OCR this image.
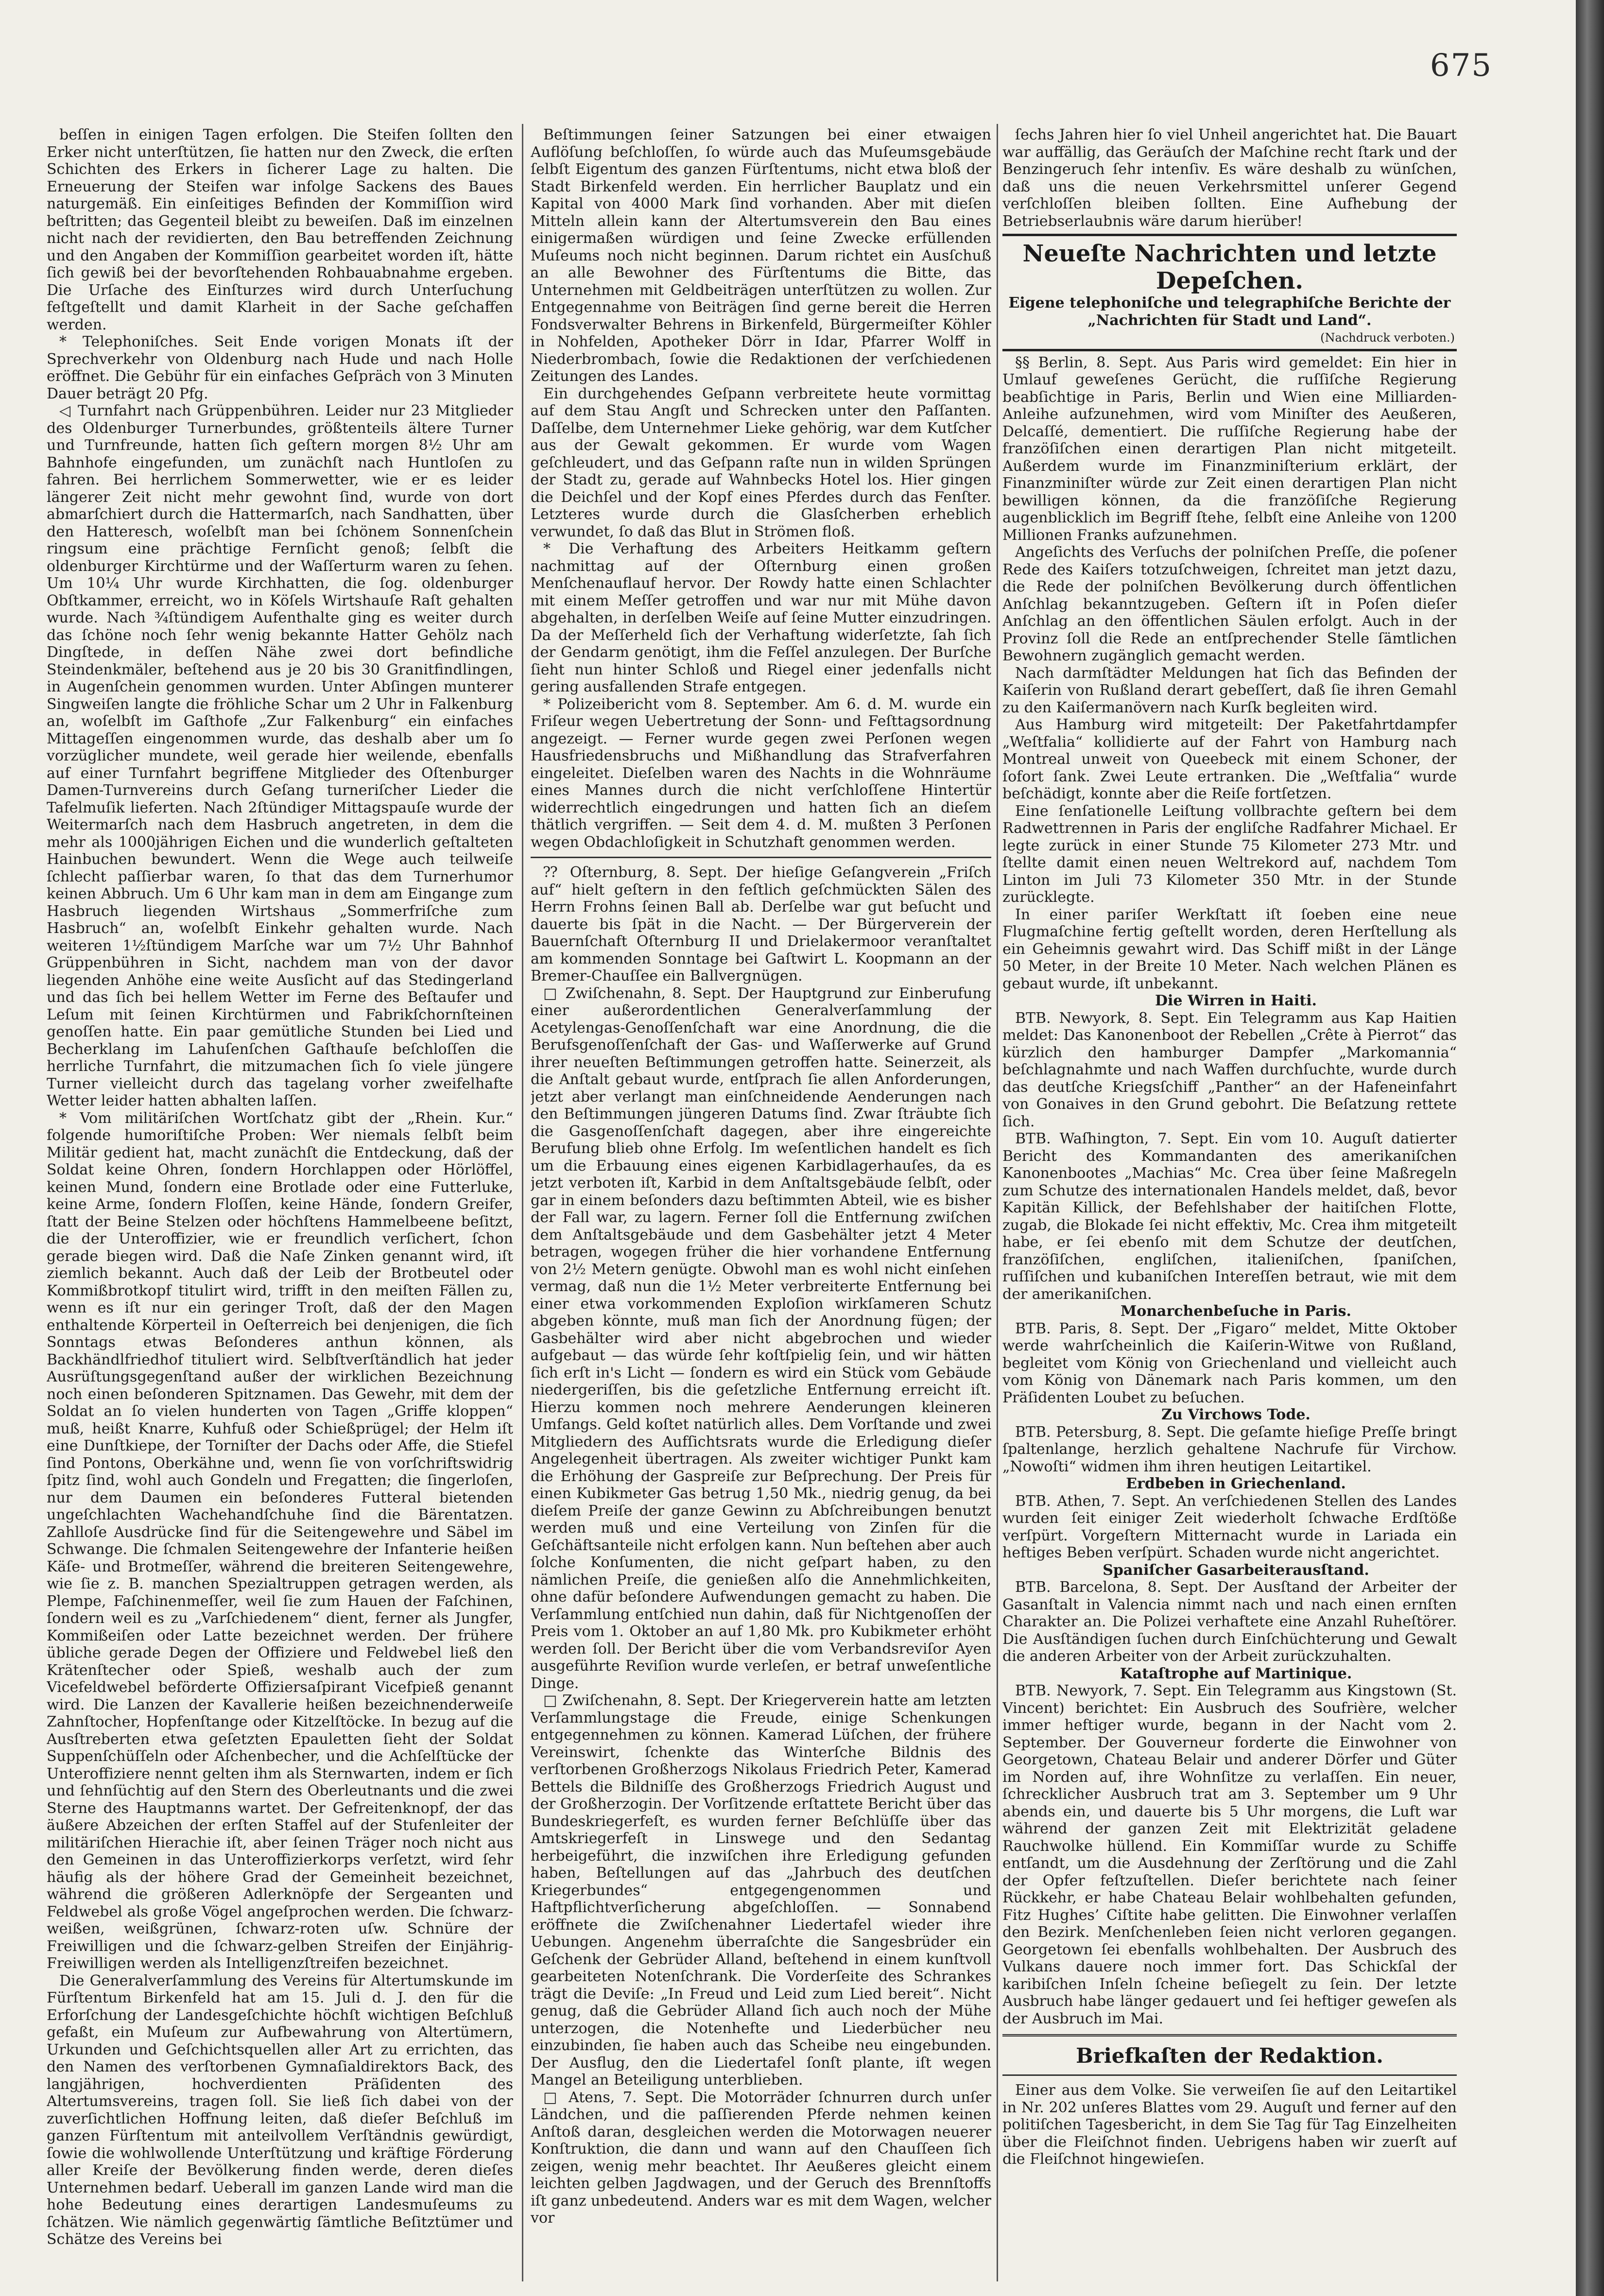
675

beſſen in einigen Tagen erfolgen. Die Steifen ſollten den Erker nicht unterſtützen, ſie hatten nur den Zweck, die erſten Schichten des Erkers in ſicherer Lage zu halten. Die Erneuerung der Steifen war infolge Sackens des Baues naturgemäß. Ein einſeitiges Befinden der Kommiſſion wird beſtritten; das Gegenteil bleibt zu beweiſen. Daß im einzelnen nicht nach der revidierten, den Bau betreffenden Zeichnung und den Angaben der Kommiſſion gearbeitet worden iſt, hätte ſich gewiß bei der bevorſtehenden Rohbauabnahme ergeben. Die Urſache des Einſturzes wird durch Unterſuchung feſtgeſtellt und damit Klarheit in der Sache geſchaffen werden.

* Telephoniſches. Seit Ende vorigen Monats iſt der Sprechverkehr von Oldenburg nach Hude und nach Holle eröffnet. Die Gebühr für ein einfaches Geſpräch von 3 Minuten Dauer beträgt 20 Pfg.

◁ Turnfahrt nach Grüppenbühren. Leider nur 23 Mitglieder des Oldenburger Turnerbundes, größtenteils ältere Turner und Turnfreunde, hatten ſich geſtern morgen 8½ Uhr am Bahnhofe eingefunden, um zunächſt nach Huntloſen zu fahren. Bei herrlichem Sommerwetter, wie er es leider längerer Zeit nicht mehr gewohnt ſind, wurde von dort abmarſchiert durch die Hattermarſch, nach Sandhatten, über den Hatteresch, woſelbſt man bei ſchönem Sonnenſchein ringsum eine prächtige Fernſicht genoß; ſelbſt die oldenburger Kirchtürme und der Waſſerturm waren zu ſehen. Um 10¼ Uhr wurde Kirchhatten, die ſog. oldenburger Obſtkammer, erreicht, wo in Köſels Wirtshauſe Raſt gehalten wurde. Nach ¾ſtündigem Aufenthalte ging es weiter durch das ſchöne noch ſehr wenig bekannte Hatter Gehölz nach Dingſtede, in deſſen Nähe zwei dort befindliche Steindenkmäler, beſtehend aus je 20 bis 30 Granitfindlingen, in Augenſchein genommen wurden. Unter Abſingen munterer Singweiſen langte die fröhliche Schar um 2 Uhr in Falkenburg an, woſelbſt im Gaſthofe „Zur Falkenburg“ ein einfaches Mittageſſen eingenommen wurde, das deshalb aber um ſo vorzüglicher mundete, weil gerade hier weilende, ebenfalls auf einer Turnfahrt begriffene Mitglieder des Oſtenburger Damen-Turnvereins durch Geſang turneriſcher Lieder die Tafelmuſik lieferten. Nach 2ſtündiger Mittagspauſe wurde der Weitermarſch nach dem Hasbruch angetreten, in dem die mehr als 1000jährigen Eichen und die wunderlich geſtalteten Hainbuchen bewundert. Wenn die Wege auch teilweiſe ſchlecht paſſierbar waren, ſo that das dem Turnerhumor keinen Abbruch. Um 6 Uhr kam man in dem am Eingange zum Hasbruch liegenden Wirtshaus „Sommerfriſche zum Hasbruch“ an, woſelbſt Einkehr gehalten wurde. Nach weiteren 1½ſtündigem Marſche war um 7½ Uhr Bahnhof Grüppenbühren in Sicht, nachdem man von der davor liegenden Anhöhe eine weite Ausſicht auf das Stedingerland und das ſich bei hellem Wetter im Ferne des Beſtaufer und Leſum mit ſeinen Kirchtürmen und Fabrikſchornſteinen genoſſen hatte. Ein paar gemütliche Stunden bei Lied und Becherklang im Lahuſenſchen Gaſthauſe beſchloſſen die herrliche Turnfahrt, die mitzumachen ſich ſo viele jüngere Turner vielleicht durch das tagelang vorher zweifelhafte Wetter leider hatten abhalten laſſen.

* Vom militäriſchen Wortſchatz gibt der „Rhein. Kur.“ folgende humoriſtiſche Proben: Wer niemals ſelbſt beim Militär gedient hat, macht zunächſt die Entdeckung, daß der Soldat keine Ohren, ſondern Horchlappen oder Hörlöffel, keinen Mund, ſondern eine Brotlade oder eine Futterluke, keine Arme, ſondern Floſſen, keine Hände, ſondern Greifer, ſtatt der Beine Stelzen oder höchſtens Hammelbeene beſitzt, die der Unteroffizier, wie er freundlich verſichert, ſchon gerade biegen wird. Daß die Naſe Zinken genannt wird, iſt ziemlich bekannt. Auch daß der Leib der Brotbeutel oder Kommißbrotkopf titulirt wird, trifft in den meiſten Fällen zu, wenn es iſt nur ein geringer Troſt, daß der den Magen enthaltende Körperteil in Oeſterreich bei denjenigen, die ſich Sonntags etwas Beſonderes anthun können, als Backhändlfriedhof tituliert wird. Selbſtverſtändlich hat jeder Ausrüſtungsgegenſtand außer der wirklichen Bezeichnung noch einen beſonderen Spitznamen. Das Gewehr, mit dem der Soldat an ſo vielen hunderten von Tagen „Griffe kloppen“ muß, heißt Knarre, Kuhfuß oder Schießprügel; der Helm iſt eine Dunſtkiepe, der Torniſter der Dachs oder Affe, die Stiefel ſind Pontons, Oberkähne und, wenn ſie von vorſchriftswidrig ſpitz ſind, wohl auch Gondeln und Fregatten; die ſingerloſen, nur dem Daumen ein beſonderes Futteral bietenden ungeſchlachten Wachehandſchuhe ſind die Bärentatzen. Zahlloſe Ausdrücke ſind für die Seitengewehre und Säbel im Schwange. Die ſchmalen Seitengewehre der Infanterie heißen Käſe- und Brotmeſſer, während die breiteren Seitengewehre, wie ſie z. B. manchen Spezialtruppen getragen werden, als Plempe, Faſchinenmeſſer, weil ſie zum Hauen der Faſchinen, ſondern weil es zu „Varſchiedenem“ dient, ferner als Jungfer, Kommißeiſen oder Latte bezeichnet werden. Der frühere übliche gerade Degen der Offiziere und Feldwebel ließ den Krätenſtecher oder Spieß, weshalb auch der zum Vicefeldwebel beförderte Offiziersaſpirant Vicefpieß genannt wird. Die Lanzen der Kavallerie heißen bezeichnenderweiſe Zahnſtocher, Hopfenſtange oder Kitzelſtöcke. In bezug auf die Ausſtreberten etwa geſetzten Epauletten ſieht der Soldat Suppenſchüſſeln oder Aſchenbecher, und die Achſelſtücke der Unteroffiziere nennt gelten ihm als Sternwarten, indem er ſich und ſehnſüchtig auf den Stern des Oberleutnants und die zwei Sterne des Hauptmanns wartet. Der Gefreitenknopf, der das äußere Abzeichen der erſten Staffel auf der Stufenleiter der militäriſchen Hierachie iſt, aber ſeinen Träger noch nicht aus den Gemeinen in das Unteroffizierkorps verſetzt, wird ſehr häufig als der höhere Grad der Gemeinheit bezeichnet, während die größeren Adlerknöpfe der Sergeanten und Feldwebel als große Vögel angeſprochen werden. Die ſchwarz-weißen, weißgrünen, ſchwarz-roten uſw. Schnüre der Freiwilligen und die ſchwarz-gelben Streifen der Einjährig-Freiwilligen werden als Intelligenzſtreifen bezeichnet.

Die Generalverſammlung des Vereins für Altertumskunde im Fürſtentum Birkenfeld hat am 15. Juli d. J. den für die Erforſchung der Landesgeſchichte höchſt wichtigen Beſchluß gefaßt, ein Muſeum zur Aufbewahrung von Altertümern, Urkunden und Geſchichtsquellen aller Art zu errichten, das den Namen des verſtorbenen Gymnaſialdirektors Back, des langjährigen, hochverdienten Präſidenten des Altertumsvereins, tragen ſoll. Sie ließ ſich dabei von der zuverſichtlichen Hoffnung leiten, daß dieſer Beſchluß im ganzen Fürſtentum mit anteilvollem Verſtändnis gewürdigt, ſowie die wohlwollende Unterſtützung und kräftige Förderung aller Kreiſe der Bevölkerung finden werde, deren dieſes Unternehmen bedarf. Ueberall im ganzen Lande wird man die hohe Bedeutung eines derartigen Landesmuſeums zu ſchätzen. Wie nämlich gegenwärtig ſämtliche Beſitztümer und Schätze des Vereins bei

Beſtimmungen ſeiner Satzungen bei einer etwaigen Auflöſung beſchloſſen, ſo würde auch das Muſeumsgebäude ſelbſt Eigentum des ganzen Fürſtentums, nicht etwa bloß der Stadt Birkenfeld werden. Ein herrlicher Bauplatz und ein Kapital von 4000 Mark ſind vorhanden. Aber mit dieſen Mitteln allein kann der Altertumsverein den Bau eines einigermaßen würdigen und ſeine Zwecke erfüllenden Muſeums noch nicht beginnen. Darum richtet ein Ausſchuß an alle Bewohner des Fürſtentums die Bitte, das Unternehmen mit Geldbeiträgen unterſtützen zu wollen. Zur Entgegennahme von Beiträgen ſind gerne bereit die Herren Fondsverwalter Behrens in Birkenfeld, Bürgermeiſter Köhler in Nohfelden, Apotheker Dörr in Idar, Pfarrer Wolff in Niederbrombach, ſowie die Redaktionen der verſchiedenen Zeitungen des Landes.

Ein durchgehendes Geſpann verbreitete heute vormittag auf dem Stau Angſt und Schrecken unter den Paſſanten. Daſſelbe, dem Unternehmer Lieke gehörig, war dem Kutſcher aus der Gewalt gekommen. Er wurde vom Wagen geſchleudert, und das Geſpann raſte nun in wilden Sprüngen der Stadt zu, gerade auf Wahnbecks Hotel los. Hier gingen die Deichſel und der Kopf eines Pferdes durch das Fenſter. Letzteres wurde durch die Glasſcherben erheblich verwundet, ſo daß das Blut in Strömen floß.

* Die Verhaftung des Arbeiters Heitkamm geſtern nachmittag auf der Oſternburg einen großen Menſchenauflauf hervor. Der Rowdy hatte einen Schlachter mit einem Meſſer getroffen und war nur mit Mühe davon abgehalten, in derſelben Weiſe auf ſeine Mutter einzudringen. Da der Meſſerheld ſich der Verhaftung widerſetzte, ſah ſich der Gendarm genötigt, ihm die Feſſel anzulegen. Der Burſche ſieht nun hinter Schloß und Riegel einer jedenfalls nicht gering ausfallenden Strafe entgegen.

* Polizeibericht vom 8. September. Am 6. d. M. wurde ein Friſeur wegen Uebertretung der Sonn- und Feſttagsordnung angezeigt. — Ferner wurde gegen zwei Perſonen wegen Hausfriedensbruchs und Mißhandlung das Strafverfahren eingeleitet. Dieſelben waren des Nachts in die Wohnräume eines Mannes durch die nicht verſchloſſene Hintertür widerrechtlich eingedrungen und hatten ſich an dieſem thätlich vergriffen. — Seit dem 4. d. M. mußten 3 Perſonen wegen Obdachloſigkeit in Schutzhaft genommen werden.

⁇ Oſternburg, 8. Sept. Der hieſige Geſangverein „Friſch auf“ hielt geſtern in den feſtlich geſchmückten Sälen des Herrn Frohns ſeinen Ball ab. Derſelbe war gut beſucht und dauerte bis ſpät in die Nacht. — Der Bürgerverein der Bauernſchaft Oſternburg II und Drielakermoor veranſtaltet am kommenden Sonntage bei Gaſtwirt L. Koopmann an der Bremer-Chauſſee ein Ballvergnügen.

□ Zwiſchenahn, 8. Sept. Der Hauptgrund zur Einberufung einer außerordentlichen Generalverſammlung der Acetylengas-Genoſſenſchaft war eine Anordnung, die die Berufsgenoſſenſchaft der Gas- und Waſſerwerke auf Grund ihrer neueſten Beſtimmungen getroffen hatte. Seinerzeit, als die Anſtalt gebaut wurde, entſprach ſie allen Anforderungen, jetzt aber verlangt man einſchneidende Aenderungen nach den Beſtimmungen jüngeren Datums ſind. Zwar ſträubte ſich die Gasgenoſſenſchaft dagegen, aber ihre eingereichte Berufung blieb ohne Erfolg. Im weſentlichen handelt es ſich um die Erbauung eines eigenen Karbidlagerhauſes, da es jetzt verboten iſt, Karbid in dem Anſtaltsgebäude ſelbſt, oder gar in einem beſonders dazu beſtimmten Abteil, wie es bisher der Fall war, zu lagern. Ferner ſoll die Entfernung zwiſchen dem Anſtaltsgebäude und dem Gasbehälter jetzt 4 Meter betragen, wogegen früher die hier vorhandene Entfernung von 2½ Metern genügte. Obwohl man es wohl nicht einſehen vermag, daß nun die 1½ Meter verbreiterte Entfernung bei einer etwa vorkommenden Exploſion wirkſameren Schutz abgeben könnte, muß man ſich der Anordnung fügen; der Gasbehälter wird aber nicht abgebrochen und wieder aufgebaut — das würde ſehr koſtſpielig ſein, und wir hätten ſich erſt in's Licht — ſondern es wird ein Stück vom Gebäude niedergeriſſen, bis die geſetzliche Entfernung erreicht iſt. Hierzu kommen noch mehrere Aenderungen kleineren Umfangs. Geld koſtet natürlich alles. Dem Vorſtande und zwei Mitgliedern des Aufſichtsrats wurde die Erledigung dieſer Angelegenheit übertragen. Als zweiter wichtiger Punkt kam die Erhöhung der Gaspreiſe zur Beſprechung. Der Preis für einen Kubikmeter Gas betrug 1,50 Mk., niedrig genug, da bei dieſem Preiſe der ganze Gewinn zu Abſchreibungen benutzt werden muß und eine Verteilung von Zinſen für die Geſchäftsanteile nicht erfolgen kann. Nun beſtehen aber auch ſolche Konſumenten, die nicht geſpart haben, zu den nämlichen Preiſe, die genießen alſo die Annehmlichkeiten, ohne dafür beſondere Aufwendungen gemacht zu haben. Die Verſammlung entſchied nun dahin, daß für Nichtgenoſſen der Preis vom 1. Oktober an auf 1,80 Mk. pro Kubikmeter erhöht werden ſoll. Der Bericht über die vom Verbandsreviſor Ayen ausgeführte Reviſion wurde verleſen, er betraf unweſentliche Dinge.

□ Zwiſchenahn, 8. Sept. Der Kriegerverein hatte am letzten Verſammlungstage die Freude, einige Schenkungen entgegennehmen zu können. Kamerad Lüſchen, der frühere Vereinswirt, ſchenkte das Winterſche Bildnis des verſtorbenen Großherzogs Nikolaus Friedrich Peter, Kamerad Bettels die Bildniſſe des Großherzogs Friedrich August und der Großherzogin. Der Vorſitzende erſtattete Bericht über das Bundeskriegerfeſt, es wurden ferner Beſchlüſſe über das Amtskriegerfeſt in Linswege und den Sedantag herbeigeführt, die inzwiſchen ihre Erledigung gefunden haben, Beſtellungen auf das „Jahrbuch des deutſchen Kriegerbundes“ entgegengenommen und Haftpflichtverſicherung abgeſchloſſen. — Sonnabend eröffnete die Zwiſchenahner Liedertafel wieder ihre Uebungen. Angenehm überraſchte die Sangesbrüder ein Geſchenk der Gebrüder Alland, beſtehend in einem kunſtvoll gearbeiteten Notenſchrank. Die Vorderſeite des Schrankes trägt die Deviſe: „In Freud und Leid zum Lied bereit“. Nicht genug, daß die Gebrüder Alland ſich auch noch der Mühe unterzogen, die Notenhefte und Liederbücher neu einzubinden, ſie haben auch das Scheibe neu eingebunden. Der Ausflug, den die Liedertafel ſonſt plante, iſt wegen Mangel an Beteiligung unterblieben.

□ Atens, 7. Sept. Die Motorräder ſchnurren durch unſer Ländchen, und die paſſierenden Pferde nehmen keinen Anſtoß daran, desgleichen werden die Motorwagen neuerer Konſtruktion, die dann und wann auf den Chauſſeen ſich zeigen, wenig mehr beachtet. Ihr Aeußeres gleicht einem leichten gelben Jagdwagen, und der Geruch des Brennſtoffs iſt ganz unbedeutend. Anders war es mit dem Wagen, welcher vor

ſechs Jahren hier ſo viel Unheil angerichtet hat. Die Bauart war auffällig, das Geräuſch der Maſchine recht ſtark und der Benzingeruch ſehr intenſiv. Es wäre deshalb zu wünſchen, daß uns die neuen Verkehrsmittel unſerer Gegend verſchloſſen bleiben ſollten. Eine Aufhebung der Betriebserlaubnis wäre darum hierüber!

Neueſte Nachrichten und letzte Depeſchen.
Eigene telephoniſche und telegraphiſche Berichte der „Nachrichten für Stadt und Land“.
(Nachdruck verboten.)

§§ Berlin, 8. Sept. Aus Paris wird gemeldet: Ein hier in Umlauf geweſenes Gerücht, die ruſſiſche Regierung beabſichtige in Paris, Berlin und Wien eine Milliarden-Anleihe aufzunehmen, wird vom Miniſter des Aeußeren, Delcaſſé, dementiert. Die ruſſiſche Regierung habe der franzöſiſchen einen derartigen Plan nicht mitgeteilt. Außerdem wurde im Finanzminiſterium erklärt, der Finanzminiſter würde zur Zeit einen derartigen Plan nicht bewilligen können, da die franzöſiſche Regierung augenblicklich im Begriff ſtehe, ſelbſt eine Anleihe von 1200 Millionen Franks aufzunehmen.

Angeſichts des Verſuchs der polniſchen Preſſe, die poſener Rede des Kaiſers totzuſchweigen, ſchreitet man jetzt dazu, die Rede der polniſchen Bevölkerung durch öffentlichen Anſchlag bekanntzugeben. Geſtern iſt in Poſen dieſer Anſchlag an den öffentlichen Säulen erfolgt. Auch in der Provinz ſoll die Rede an entſprechender Stelle ſämtlichen Bewohnern zugänglich gemacht werden.

Nach darmſtädter Meldungen hat ſich das Befinden der Kaiſerin von Rußland derart gebeſſert, daß ſie ihren Gemahl zu den Kaiſermanövern nach Kurſk begleiten wird.

Aus Hamburg wird mitgeteilt: Der Paketfahrtdampfer „Weſtfalia“ kollidierte auf der Fahrt von Hamburg nach Montreal unweit von Queebeck mit einem Schoner, der ſofort ſank. Zwei Leute ertranken. Die „Weſtfalia“ wurde beſchädigt, konnte aber die Reiſe fortſetzen.

Eine ſenſationelle Leiſtung vollbrachte geſtern bei dem Radwettrennen in Paris der engliſche Radfahrer Michael. Er legte zurück in einer Stunde 75 Kilometer 273 Mtr. und ſtellte damit einen neuen Weltrekord auf, nachdem Tom Linton im Juli 73 Kilometer 350 Mtr. in der Stunde zurücklegte.

In einer pariſer Werkſtatt iſt ſoeben eine neue Flugmaſchine fertig geſtellt worden, deren Herſtellung als ein Geheimnis gewahrt wird. Das Schiff mißt in der Länge 50 Meter, in der Breite 10 Meter. Nach welchen Plänen es gebaut wurde, iſt unbekannt.

Die Wirren in Haiti.

BTB. Newyork, 8. Sept. Ein Telegramm aus Kap Haitien meldet: Das Kanonenboot der Rebellen „Crête à Pierrot“ das kürzlich den hamburger Dampfer „Markomannia“ beſchlagnahmte und nach Waffen durchſuchte, wurde durch das deutſche Kriegsſchiff „Panther“ an der Hafeneinfahrt von Gonaives in den Grund gebohrt. Die Beſatzung rettete ſich.

BTB. Waſhington, 7. Sept. Ein vom 10. Auguſt datierter Bericht des Kommandanten des amerikaniſchen Kanonenbootes „Machias“ Mc. Crea über ſeine Maßregeln zum Schutze des internationalen Handels meldet, daß, bevor Kapitän Killick, der Befehlshaber der haitiſchen Flotte, zugab, die Blokade ſei nicht effektiv, Mc. Crea ihm mitgeteilt habe, er ſei ebenſo mit dem Schutze der deutſchen, franzöſiſchen, engliſchen, italieniſchen, ſpaniſchen, ruſſiſchen und kubaniſchen Intereſſen betraut, wie mit dem der amerikaniſchen.

Monarchenbeſuche in Paris.

BTB. Paris, 8. Sept. Der „Figaro“ meldet, Mitte Oktober werde wahrſcheinlich die Kaiſerin-Witwe von Rußland, begleitet vom König von Griechenland und vielleicht auch vom König von Dänemark nach Paris kommen, um den Präſidenten Loubet zu beſuchen.

Zu Virchows Tode.

BTB. Petersburg, 8. Sept. Die geſamte hieſige Preſſe bringt ſpaltenlange, herzlich gehaltene Nachrufe für Virchow. „Nowoſti“ widmen ihm ihren heutigen Leitartikel.

Erdbeben in Griechenland.

BTB. Athen, 7. Sept. An verſchiedenen Stellen des Landes wurden ſeit einiger Zeit wiederholt ſchwache Erdſtöße verſpürt. Vorgeſtern Mitternacht wurde in Lariada ein heftiges Beben verſpürt. Schaden wurde nicht angerichtet.

Spaniſcher Gasarbeiterausſtand.

BTB. Barcelona, 8. Sept. Der Ausſtand der Arbeiter der Gasanſtalt in Valencia nimmt nach und nach einen ernſten Charakter an. Die Polizei verhaftete eine Anzahl Ruheſtörer. Die Ausſtändigen ſuchen durch Einſchüchterung und Gewalt die anderen Arbeiter von der Arbeit zurückzuhalten.

Kataſtrophe auf Martinique.

BTB. Newyork, 7. Sept. Ein Telegramm aus Kingstown (St. Vincent) berichtet: Ein Ausbruch des Soufrière, welcher immer heftiger wurde, begann in der Nacht vom 2. September. Der Gouverneur forderte die Einwohner von Georgetown, Chateau Belair und anderer Dörfer und Güter im Norden auf, ihre Wohnſitze zu verlaſſen. Ein neuer, ſchrecklicher Ausbruch trat am 3. September um 9 Uhr abends ein, und dauerte bis 5 Uhr morgens, die Luft war während der ganzen Zeit mit Elektrizität geladene Rauchwolke hüllend. Ein Kommiſſar wurde zu Schiffe entſandt, um die Ausdehnung der Zerſtörung und die Zahl der Opfer feſtzuſtellen. Dieſer berichtete nach ſeiner Rückkehr, er habe Chateau Belair wohlbehalten gefunden, Fitz Hughes’ Ciſtite habe gelitten. Die Einwohner verlaſſen den Bezirk. Menſchenleben ſeien nicht verloren gegangen. Georgetown ſei ebenfalls wohlbehalten. Der Ausbruch des Vulkans dauere noch immer fort. Das Schickſal der karibiſchen Inſeln ſcheine beſiegelt zu ſein. Der letzte Ausbruch habe länger gedauert und ſei heftiger geweſen als der Ausbruch im Mai.

Briefkaſten der Redaktion.

Einer aus dem Volke. Sie verweiſen ſie auf den Leitartikel in Nr. 202 unſeres Blattes vom 29. Auguſt und ferner auf den politiſchen Tagesbericht, in dem Sie Tag für Tag Einzelheiten über die Fleiſchnot finden. Uebrigens haben wir zuerſt auf die Fleiſchnot hingewieſen.
